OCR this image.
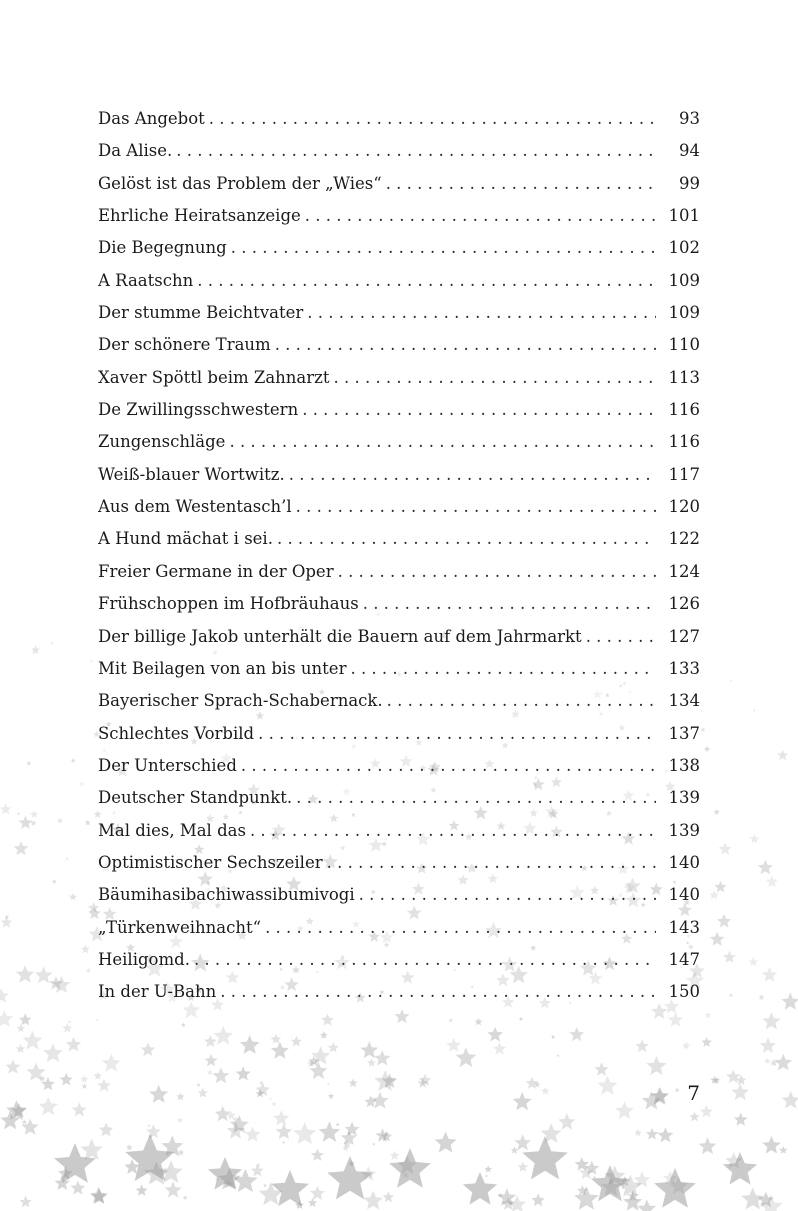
Das Angebot . . .	93
Da Alise. . . .	94
Gelöst ist das Problem der „Wies“ . . .	99
Ehrliche Heiratsanzeige . . .	101
Die Begegnung . . .	102
A Raatschn . . .	109
Der stumme Beichtvater . . .	109
Der schönere Traum . . .	110
Xaver Spöttl beim Zahnarzt . . .	113
De Zwillingsschwestern . . .	116
Zungenschläge . . .	116
Weiß-blauer Wortwitz. . . .	117
Aus dem Westentasch’l . . .	120
A Hund mächat i sei. . . .	122
Freier Germane in der Oper . . .	124
Frühschoppen im Hofbräuhaus . . .	126
Der billige Jakob unterhält die Bauern auf dem Jahrmarkt . . .	127
Mit Beilagen von an bis unter . . .	133
Bayerischer Sprach-Schabernack. . . .	134
Schlechtes Vorbild . . .	137
Der Unterschied . . .	138
Deutscher Standpunkt. . . .	139
Mal dies, Mal das . . .	139
Optimistischer Sechszeiler . . .	140
Bäumihasibachiwassibumivogi . . .	140
„Türkenweihnacht“ . . .	143
Heiligomd. . . .	147
In der U-Bahn . . .	150
7
